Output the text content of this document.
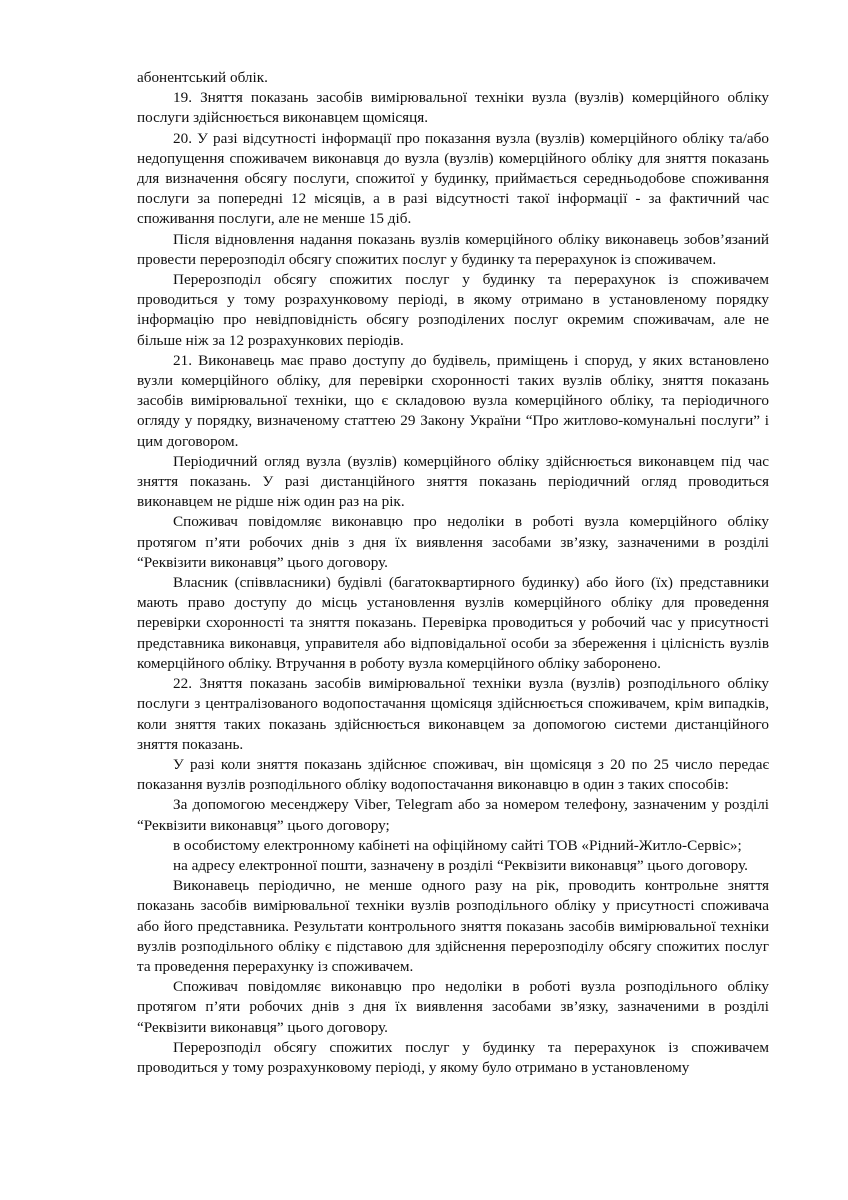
абонентський облік.

19. Зняття показань засобів вимірювальної техніки вузла (вузлів) комерційного обліку послуги здійснюється виконавцем щомісяця.

20. У разі відсутності інформації про показання вузла (вузлів) комерційного обліку та/або недопущення споживачем виконавця до вузла (вузлів) комерційного обліку для зняття показань для визначення обсягу послуги, спожитої у будинку, приймається середньодобове споживання послуги за попередні 12 місяців, а в разі відсутності такої інформації - за фактичний час споживання послуги, але не менше 15 діб.

Після відновлення надання показань вузлів комерційного обліку виконавець зобов’язаний провести перерозподіл обсягу спожитих послуг у будинку та перерахунок із споживачем.

Перерозподіл обсягу спожитих послуг у будинку та перерахунок із споживачем проводиться у тому розрахунковому періоді, в якому отримано в установленому порядку інформацію про невідповідність обсягу розподілених послуг окремим споживачам, але не більше ніж за 12 розрахункових періодів.

21. Виконавець має право доступу до будівель, приміщень і споруд, у яких встановлено вузли комерційного обліку, для перевірки схоронності таких вузлів обліку, зняття показань засобів вимірювальної техніки, що є складовою вузла комерційного обліку, та періодичного огляду у порядку, визначеному статтею 29 Закону України “Про житлово-комунальні послуги” і цим договором.

Періодичний огляд вузла (вузлів) комерційного обліку здійснюється виконавцем під час зняття показань. У разі дистанційного зняття показань періодичний огляд проводиться виконавцем не рідше ніж один раз на рік.

Споживач повідомляє виконавцю про недоліки в роботі вузла комерційного обліку протягом п’яти робочих днів з дня їх виявлення засобами зв’язку, зазначеними в розділі “Реквізити виконавця” цього договору.

Власник (співвласники) будівлі (багатоквартирного будинку) або його (їх) представники мають право доступу до місць установлення вузлів комерційного обліку для проведення перевірки схоронності та зняття показань. Перевірка проводиться у робочий час у присутності представника виконавця, управителя або відповідальної особи за збереження і цілісність вузлів комерційного обліку. Втручання в роботу вузла комерційного обліку заборонено.

22. Зняття показань засобів вимірювальної техніки вузла (вузлів) розподільного обліку послуги з централізованого водопостачання щомісяця здійснюється споживачем, крім випадків, коли зняття таких показань здійснюється виконавцем за допомогою системи дистанційного зняття показань.

У разі коли зняття показань здійснює споживач, він щомісяця з 20 по 25 число передає показання вузлів розподільного обліку водопостачання виконавцю в один з таких способів:

За допомогою месенджеру Viber, Telegram або за номером телефону, зазначеним у розділі “Реквізити виконавця” цього договору;

в особистому електронному кабінеті на офіційному сайті ТОВ «Рідний-Житло-Сервіс»;

на адресу електронної пошти, зазначену в розділі “Реквізити виконавця” цього договору.

Виконавець періодично, не менше одного разу на рік, проводить контрольне зняття показань засобів вимірювальної техніки вузлів розподільного обліку у присутності споживача або його представника. Результати контрольного зняття показань засобів вимірювальної техніки вузлів розподільного обліку є підставою для здійснення перерозподілу обсягу спожитих послуг та проведення перерахунку із споживачем.

Споживач повідомляє виконавцю про недоліки в роботі вузла розподільного обліку протягом п’яти робочих днів з дня їх виявлення засобами зв’язку, зазначеними в розділі “Реквізити виконавця” цього договору.

Перерозподіл обсягу спожитих послуг у будинку та перерахунок із споживачем проводиться у тому розрахунковому періоді, у якому було отримано в установленому
